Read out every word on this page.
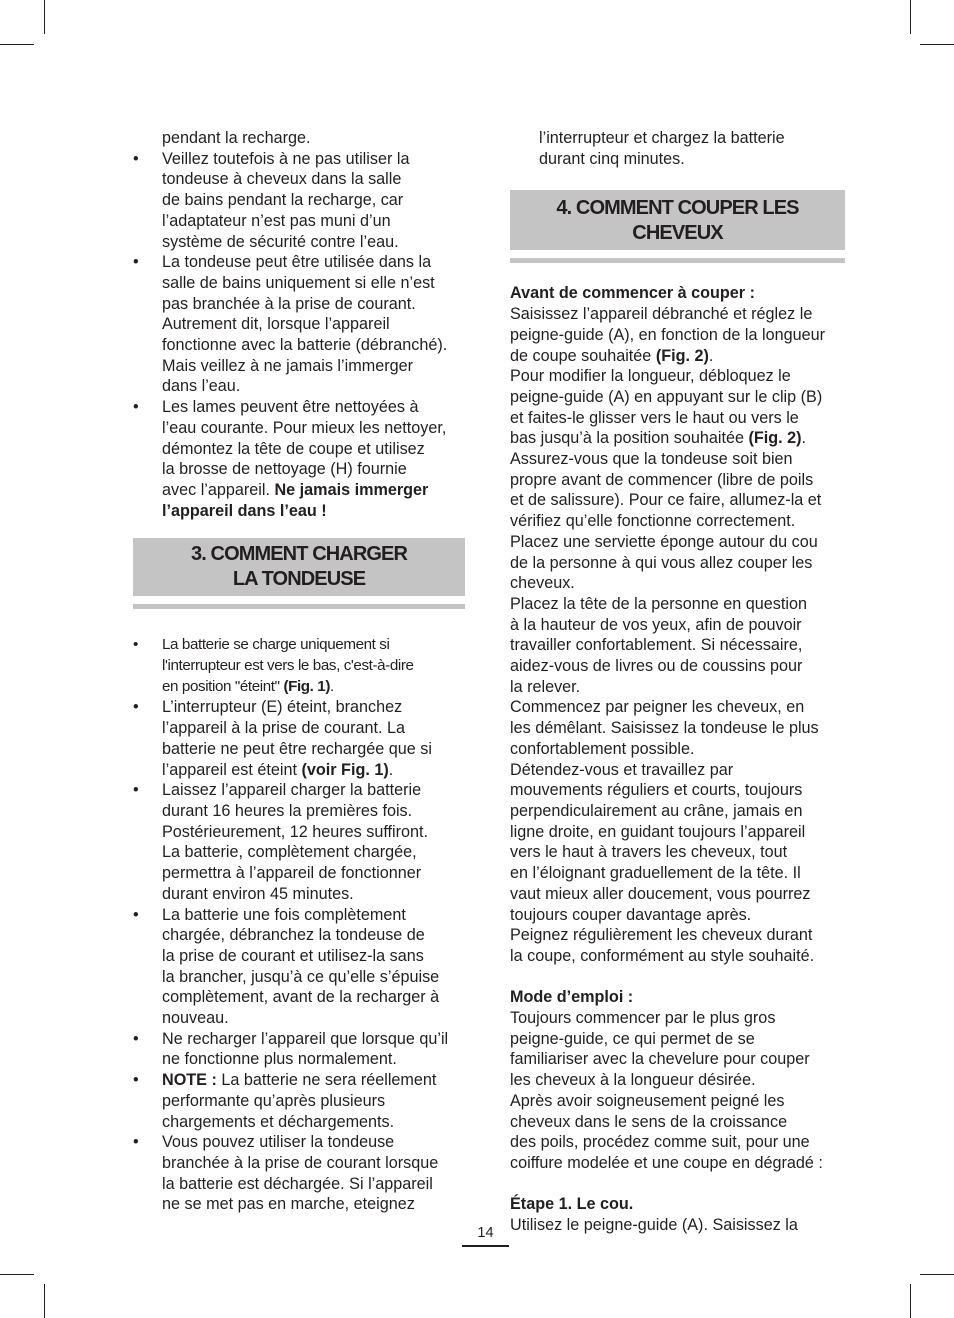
pendant la recharge.

• Veillez toutefois à ne pas utiliser la
tondeuse à cheveux dans la salle
de bains pendant la recharge, car
l’adaptateur n’est pas muni d’un
système de sécurité contre l’eau.
• La tondeuse peut être utilisée dans la
salle de bains uniquement si elle n’est
pas branchée à la prise de courant.
Autrement dit, lorsque l’appareil
fonctionne avec la batterie (débranché).
Mais veillez à ne jamais l’immerger
dans l’eau.
• Les lames peuvent être nettoyées à
l’eau courante. Pour mieux les nettoyer,
démontez la tête de coupe et utilisez
la brosse de nettoyage (H) fournie
avec l’appareil. Ne jamais immerger
l’appareil dans l’eau !
3. COMMENT CHARGER
LA TONDEUSE
• La batterie se charge uniquement si
l'interrupteur est vers le bas, c'est-à-dire
en position "éteint" (Fig. 1).
• L’interrupteur (E) éteint, branchez
l’appareil à la prise de courant. La
batterie ne peut être rechargée que si
l’appareil est éteint (voir Fig. 1).
• Laissez l’appareil charger la batterie
durant 16 heures la premières fois.
Postérieurement, 12 heures suffiront.
La batterie, complètement chargée,
permettra à l’appareil de fonctionner
durant environ 45 minutes.
• La batterie une fois complètement
chargée, débranchez la tondeuse de
la prise de courant et utilisez-la sans
la brancher, jusqu’à ce qu’elle s’épuise
complètement, avant de la recharger à
nouveau.
• Ne recharger l’appareil que lorsque qu’il
ne fonctionne plus normalement.
• NOTE : La batterie ne sera réellement
performante qu’après plusieurs
chargements et déchargements.
• Vous pouvez utiliser la tondeuse
branchée à la prise de courant lorsque
la batterie est déchargée. Si l’appareil
ne se met pas en marche, eteignez
l’interrupteur et chargez la batterie
durant cinq minutes.
4. COMMENT COUPER LES CHEVEUX
Avant de commencer à couper :
Saisissez l’appareil débranché et réglez le
peigne-guide (A), en fonction de la longueur
de coupe souhaitée (Fig. 2).
Pour modifier la longueur, débloquez le
peigne-guide (A) en appuyant sur le clip (B)
et faites-le glisser vers le haut ou vers le
bas jusqu’à la position souhaitée (Fig. 2).
Assurez-vous que la tondeuse soit bien
propre avant de commencer (libre de poils
et de salissure). Pour ce faire, allumez-la et
vérifiez qu’elle fonctionne correctement.
Placez une serviette éponge autour du cou
de la personne à qui vous allez couper les
cheveux.
Placez la tête de la personne en question
à la hauteur de vos yeux, afin de pouvoir
travailler confortablement. Si nécessaire,
aidez-vous de livres ou de coussins pour
la relever.
Commencez par peigner les cheveux, en
les démêlant. Saisissez la tondeuse le plus
confortablement possible.
Détendez-vous et travaillez par
mouvements réguliers et courts, toujours
perpendiculairement au crâne, jamais en
ligne droite, en guidant toujours l’appareil
vers le haut à travers les cheveux, tout
en l’éloignant graduellement de la tête. Il
vaut mieux aller doucement, vous pourrez
toujours couper davantage après.
Peignez régulièrement les cheveux durant
la coupe, conformément au style souhaité.
Mode d’emploi :
Toujours commencer par le plus gros
peigne-guide, ce qui permet de se
familiariser avec la chevelure pour couper
les cheveux à la longueur désirée.
Après avoir soigneusement peigné les
cheveux dans le sens de la croissance
des poils, procédez comme suit, pour une
coiffure modelée et une coupe en dégradé :
Étape 1. Le cou.
Utilisez le peigne-guide (A). Saisissez la
14
